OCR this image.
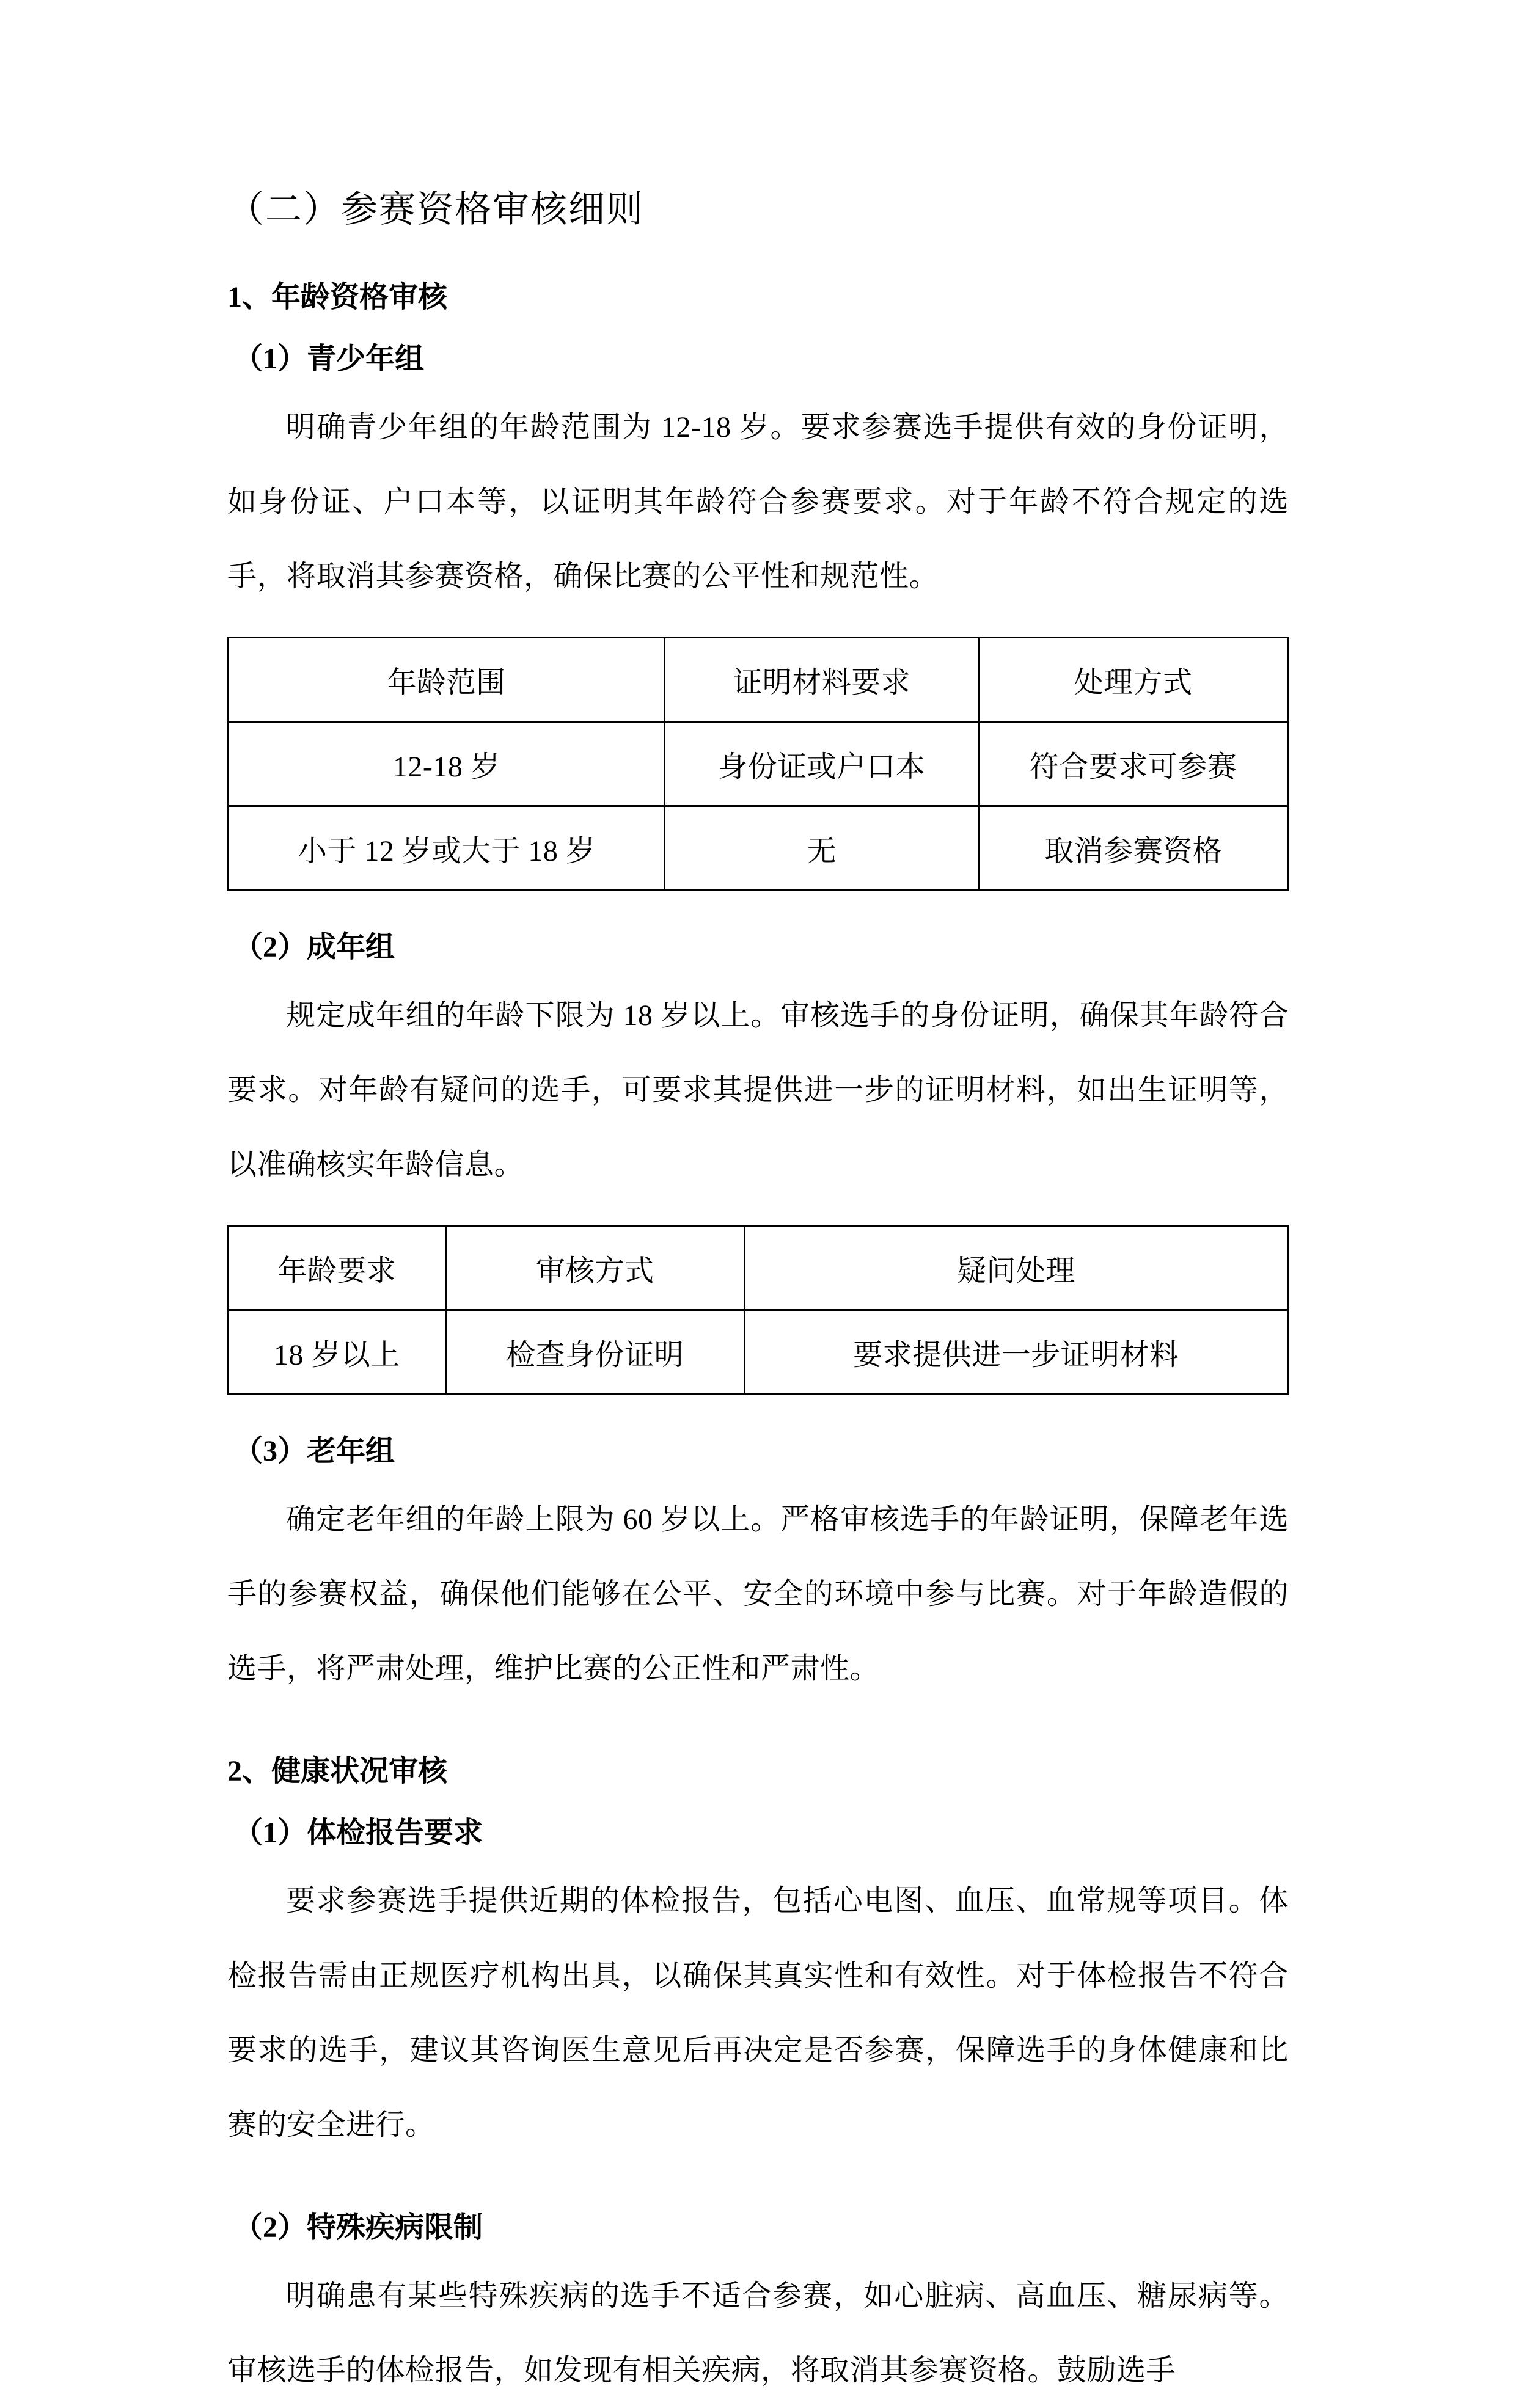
（二）参赛资格审核细则
1、年龄资格审核
（1）青少年组

明确青少年组的年龄范围为 12-18 岁。要求参赛选手提供有效的身份证明，如身份证、户口本等，以证明其年龄符合参赛要求。对于年龄不符合规定的选手，将取消其参赛资格，确保比赛的公平性和规范性。

年龄范围	证明材料要求	处理方式
12-18 岁	身份证或户口本	符合要求可参赛
小于 12 岁或大于 18 岁	无	取消参赛资格
（2）成年组

规定成年组的年龄下限为 18 岁以上。审核选手的身份证明，确保其年龄符合要求。对年龄有疑问的选手，可要求其提供进一步的证明材料，如出生证明等，以准确核实年龄信息。

年龄要求	审核方式	疑问处理
18 岁以上	检查身份证明	要求提供进一步证明材料
（3）老年组

确定老年组的年龄上限为 60 岁以上。严格审核选手的年龄证明，保障老年选手的参赛权益，确保他们能够在公平、安全的环境中参与比赛。对于年龄造假的选手，将严肃处理，维护比赛的公正性和严肃性。

2、健康状况审核
（1）体检报告要求

要求参赛选手提供近期的体检报告，包括心电图、血压、血常规等项目。体检报告需由正规医疗机构出具，以确保其真实性和有效性。对于体检报告不符合要求的选手，建议其咨询医生意见后再决定是否参赛，保障选手的身体健康和比赛的安全进行。

（2）特殊疾病限制

明确患有某些特殊疾病的选手不适合参赛，如心脏病、高血压、糖尿病等。审核选手的体检报告，如发现有相关疾病，将取消其参赛资格。鼓励选手
